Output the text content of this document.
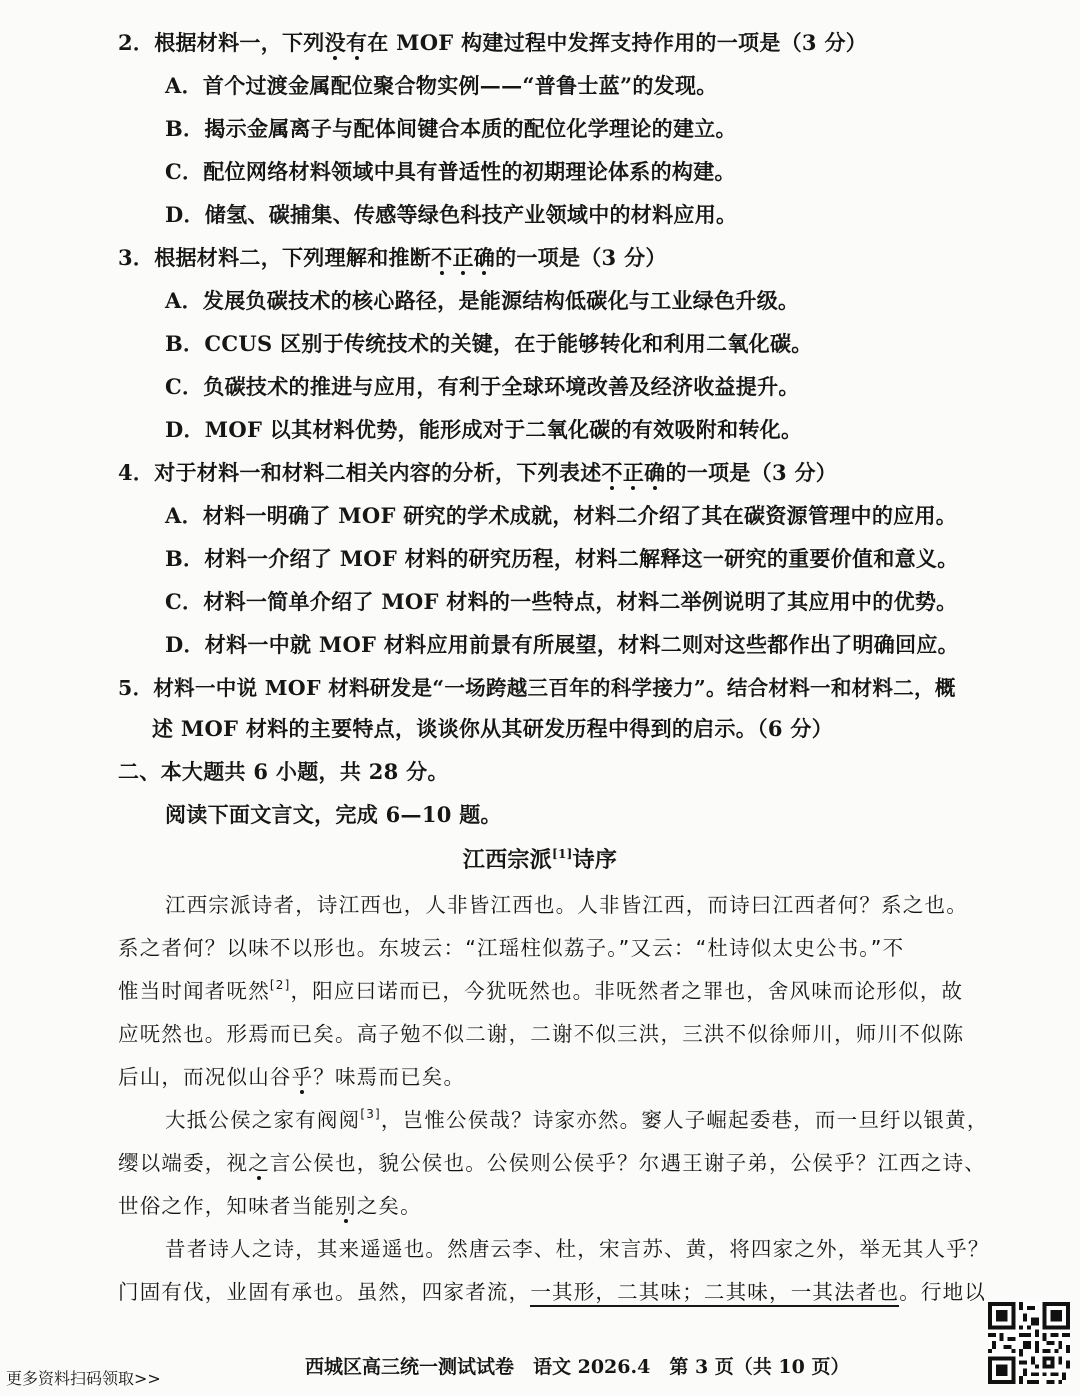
2．根据材料一，下列没有在 MOF 构建过程中发挥支持作用的一项是（3 分）
A．首个过渡金属配位聚合物实例——“普鲁士蓝”的发现。
B．揭示金属离子与配体间键合本质的配位化学理论的建立。
C．配位网络材料领域中具有普适性的初期理论体系的构建。
D．储氢、碳捕集、传感等绿色科技产业领域中的材料应用。
3．根据材料二，下列理解和推断不正确的一项是（3 分）
A．发展负碳技术的核心路径，是能源结构低碳化与工业绿色升级。
B．CCUS 区别于传统技术的关键，在于能够转化和利用二氧化碳。
C．负碳技术的推进与应用，有利于全球环境改善及经济收益提升。
D．MOF 以其材料优势，能形成对于二氧化碳的有效吸附和转化。
4．对于材料一和材料二相关内容的分析，下列表述不正确的一项是（3 分）
A．材料一明确了 MOF 研究的学术成就，材料二介绍了其在碳资源管理中的应用。
B．材料一介绍了 MOF 材料的研究历程，材料二解释这一研究的重要价值和意义。
C．材料一简单介绍了 MOF 材料的一些特点，材料二举例说明了其应用中的优势。
D．材料一中就 MOF 材料应用前景有所展望，材料二则对这些都作出了明确回应。
5．材料一中说 MOF 材料研发是“一场跨越三百年的科学接力”。结合材料一和材料二，概
述 MOF 材料的主要特点，谈谈你从其研发历程中得到的启示。（6 分）
二、本大题共 6 小题，共 28 分。
阅读下面文言文，完成 6—10 题。
江西宗派[1]诗序
江西宗派诗者，诗江西也，人非皆江西也。人非皆江西，而诗曰江西者何？系之也。
系之者何？以味不以形也。东坡云：“江瑶柱似荔子。”又云：“杜诗似太史公书。”不
惟当时闻者呒然[2]，阳应曰诺而已，今犹呒然也。非呒然者之罪也，舍风味而论形似，故
应呒然也。形焉而已矣。高子勉不似二谢，二谢不似三洪，三洪不似徐师川，师川不似陈
后山，而况似山谷乎？味焉而已矣。
大抵公侯之家有阀阅[3]，岂惟公侯哉？诗家亦然。窭人子崛起委巷，而一旦纡以银黄，
缨以端委，视之言公侯也，貌公侯也。公侯则公侯乎？尔遇王谢子弟，公侯乎？江西之诗、
世俗之作，知味者当能别之矣。
昔者诗人之诗，其来遥遥也。然唐云李、杜，宋言苏、黄，将四家之外，举无其人乎？
门固有伐，业固有承也。虽然，四家者流，一其形，二其味；二其味，一其法者也。行地以
更多资料扫码领取>>
西城区高三统一测试试卷　语文 2026.4　第 3 页（共 10 页）
